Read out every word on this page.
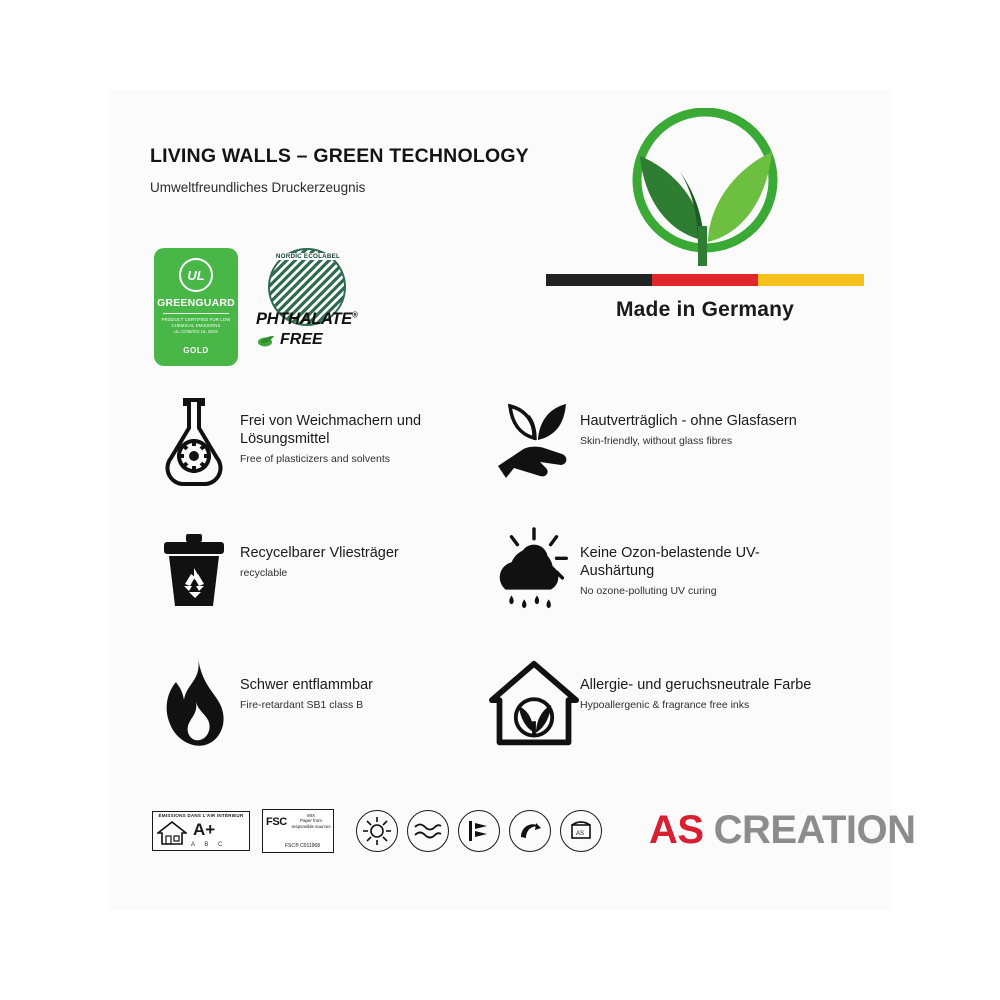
LIVING WALLS – GREEN TECHNOLOGY
Umweltfreundliches Druckerzeugnis
UL
GREENGUARD
PRODUCT CERTIFIED FOR LOW CHEMICAL EMISSIONS UL.COM/GG UL 2818
GOLD
NORDIC ECOLABEL
PHTHALATE®
FREE
Made in Germany
Frei von Weichmachern und Lösungsmittel
Free of plasticizers and solvents
Hautverträglich - ohne Glasfasern
Skin-friendly, without glass fibres
Recycelbarer Vliesträger
recyclable
Keine Ozon-belastende UV-Aushärtung
No ozone-polluting UV curing
Schwer entflammbar
Fire-retardant SB1 class B
Allergie- und geruchsneutrale Farbe
Hypoallergenic & fragrance free inks
ÉMISSIONS DANS L'AIR INTÉRIEUR
A+
A B C
FSC
MIX
Paper from
responsible sources
FSC® C011968
AS AS CREATION
